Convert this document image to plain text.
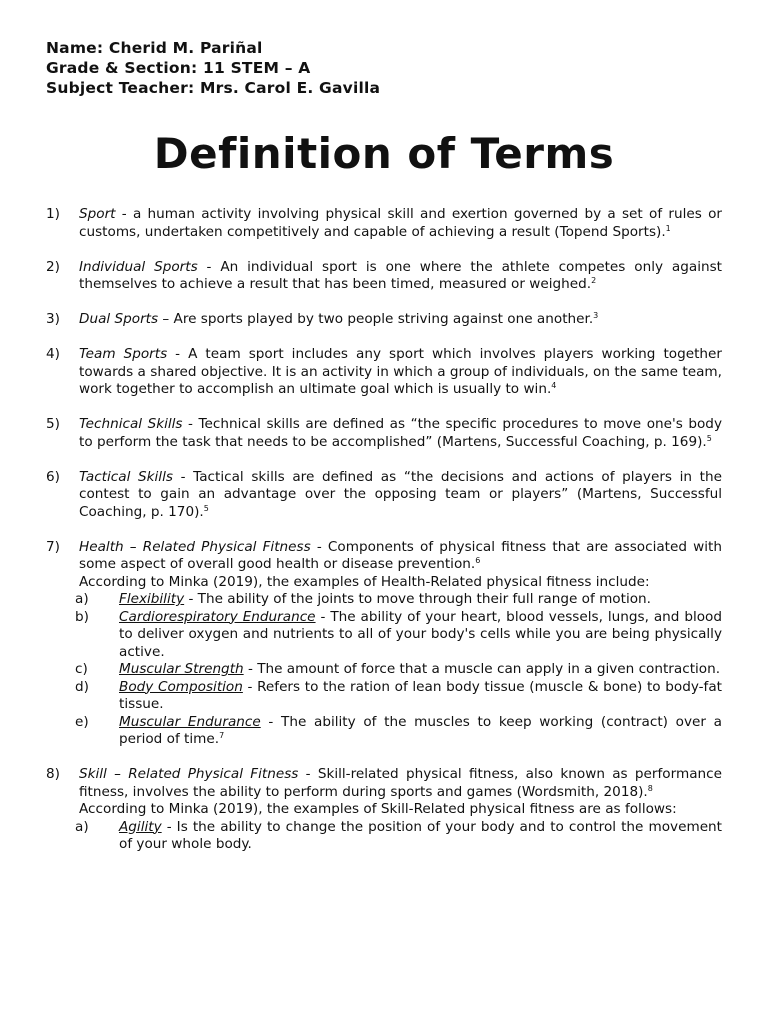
Name: Cherid M. Pariñal
Grade & Section: 11 STEM – A
Subject Teacher: Mrs. Carol E. Gavilla
Definition of Terms
1) Sport - a human activity involving physical skill and exertion governed by a set of rules or customs, undertaken competitively and capable of achieving a result (Topend Sports).$^1$
2) Individual Sports - An individual sport is one where the athlete competes only against themselves to achieve a result that has been timed, measured or weighed.$^2$
3) Dual Sports – Are sports played by two people striving against one another.$^3$
4) Team Sports - A team sport includes any sport which involves players working together towards a shared objective. It is an activity in which a group of individuals, on the same team, work together to accomplish an ultimate goal which is usually to win.$^4$
5) Technical Skills - Technical skills are defined as “the specific procedures to move one's body to perform the task that needs to be accomplished” (Martens, Successful Coaching, p. 169).$^5$
6) Tactical Skills - Tactical skills are defined as “the decisions and actions of players in the contest to gain an advantage over the opposing team or players” (Martens, Successful Coaching, p. 170).$^5$
7) Health – Related Physical Fitness - Components of physical fitness that are associated with some aspect of overall good health or disease prevention.$^6$
According to Minka (2019), the examples of Health-Related physical fitness include:
a) Flexibility - The ability of the joints to move through their full range of motion.
b) Cardiorespiratory Endurance - The ability of your heart, blood vessels, lungs, and blood to deliver oxygen and nutrients to all of your body's cells while you are being physically active.
c) Muscular Strength - The amount of force that a muscle can apply in a given contraction.
d) Body Composition - Refers to the ration of lean body tissue (muscle & bone) to body-fat tissue.
e) Muscular Endurance - The ability of the muscles to keep working (contract) over a period of time.$^7$
8) Skill – Related Physical Fitness - Skill-related physical fitness, also known as performance fitness, involves the ability to perform during sports and games (Wordsmith, 2018).$^8$
According to Minka (2019), the examples of Skill-Related physical fitness are as follows:
a) Agility - Is the ability to change the position of your body and to control the movement of your whole body.
